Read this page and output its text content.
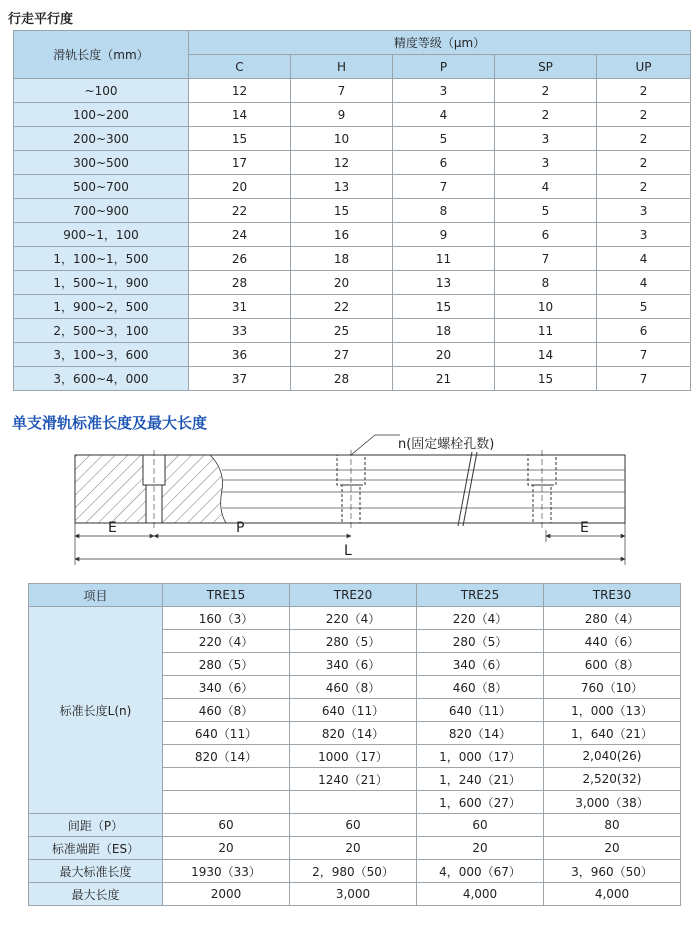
行走平行度
滑轨长度（mm）	精度等级（μm）				
	C	H	P	SP	UP
~100	12	7	3	2	2
100~200	14	9	4	2	2
200~300	15	10	5	3	2
300~500	17	12	6	3	2
500~700	20	13	7	4	2
700~900	22	15	8	5	3
900~1，100	24	16	9	6	3
1，100~1，500	26	18	11	7	4
1，500~1，900	28	20	13	8	4
1，900~2，500	31	22	15	10	5
2，500~3，100	33	25	18	11	6
3，100~3，600	36	27	20	14	7
3，600~4，000	37	28	21	15	7
单支滑轨标准长度及最大长度
n(固定螺栓孔数)
E	P
L
E
项目	TRE15	TRE20	TRE25	TRE30
标准长度L(n)	160（3）	220（4）	220（4）	280（4）
	220（4）	280（5）	280（5）	440（6）
	280（5）	340（6）	340（6）	600（8）
	340（6）	460（8）	460（8）	760（10）
	460（8）	640（11）	640（11）	1，000（13）
	640（11）	820（14）	820（14）	1，640（21）
	820（14）	1000（17）	1，000（17）	2,040(26)
		1240（21）	1，240（21）	2,520(32)
			1，600（27）	3,000（38）
间距（P）	60	60	60	80
标准端距（ES）	20	20	20	20
最大标准长度	1930（33）	2，980（50）	4，000（67）	3，960（50）
最大长度	2000	3,000	4,000	4,000
